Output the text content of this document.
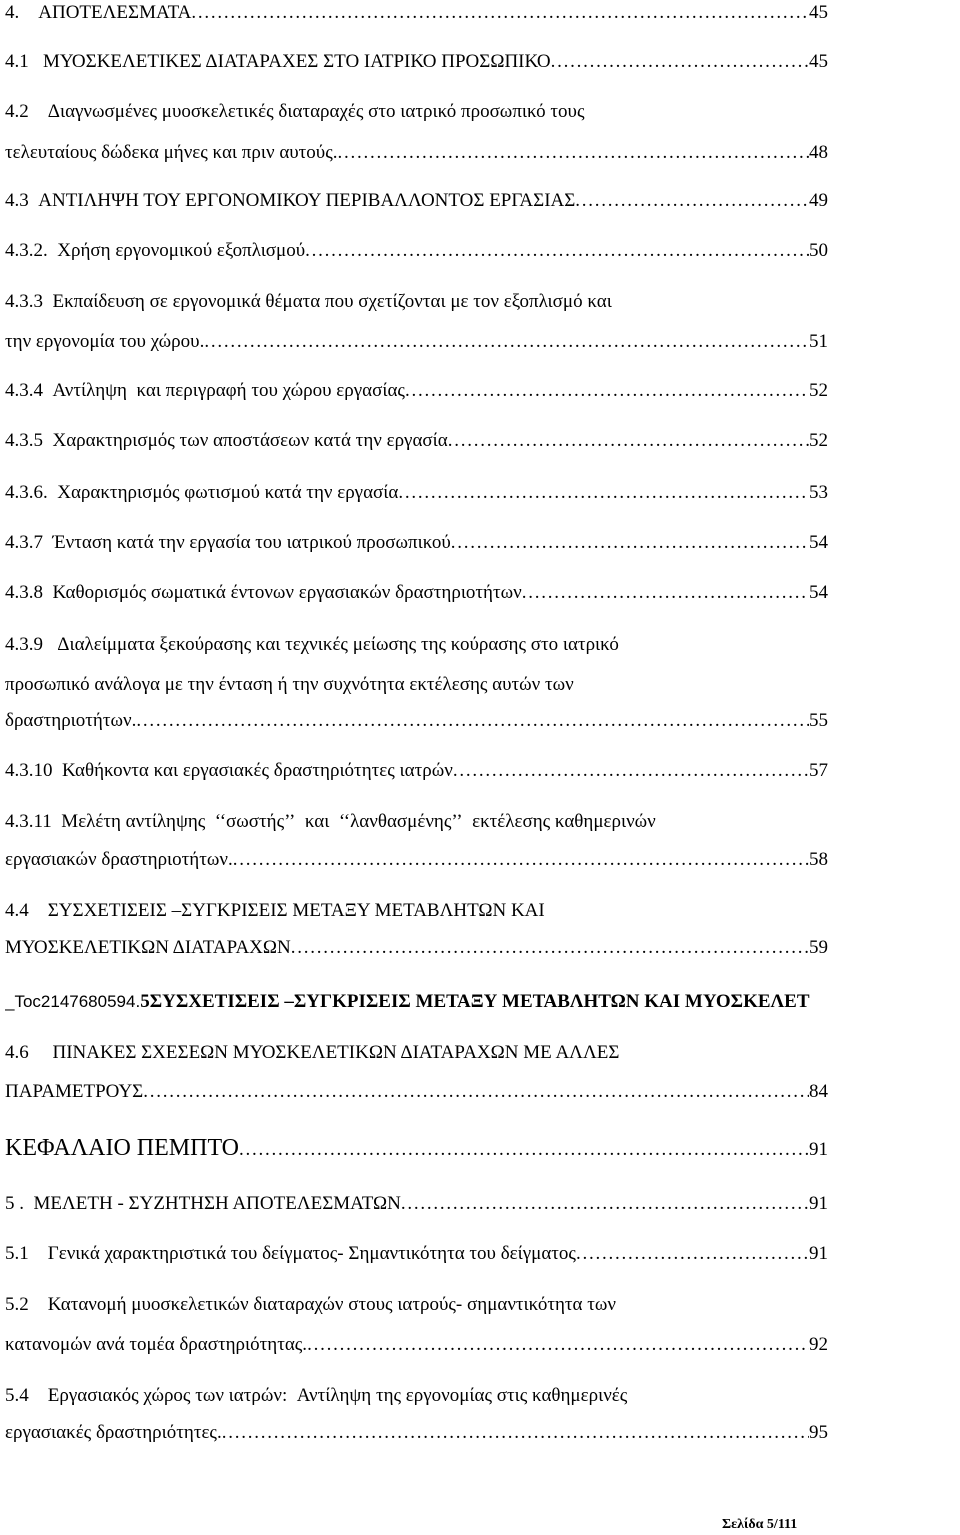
4.    ΑΠΟΤΕΛΕΣΜΑΤΑ . . .	45
4.1   ΜΥΟΣΚΕΛΕΤΙΚΕΣ ΔΙΑΤΑΡΑΧΕΣ ΣΤΟ ΙΑΤΡΙΚΟ ΠΡΟΣΩΠΙΚΟ . . .	45
4.2    Διαγνωσμένες μυοσκελετικές διαταραχές στο ιατρικό προσωπικό τους
τελευταίους δώδεκα μήνες και πριν αυτούς. . . .	48
4.3  ΑΝΤΙΛΗΨΗ ΤΟΥ ΕΡΓΟΝΟΜΙΚΟΥ ΠΕΡΙΒΑΛΛΟΝΤΟΣ ΕΡΓΑΣΙΑΣ . . .	49
4.3.2.  Χρήση εργονομικού εξοπλισμού . . .	50
4.3.3  Εκπαίδευση σε εργονομικά θέματα που σχετίζονται με τον εξοπλισμό και
την εργονομία του χώρου. . . .	51
4.3.4  Αντίληψη  και περιγραφή του χώρου εργασίας . . .	52
4.3.5  Χαρακτηρισμός των αποστάσεων κατά την εργασία . . .	52
4.3.6.  Χαρακτηρισμός φωτισμού κατά την εργασία . . .	53
4.3.7  Ένταση κατά την εργασία του ιατρικού προσωπικού . . .	54
4.3.8  Καθορισμός σωματικά έντονων εργασιακών δραστηριοτήτων . . .	54
4.3.9   Διαλείμματα ξεκούρασης και τεχνικές μείωσης της κούρασης στο ιατρικό
προσωπικό ανάλογα με την ένταση ή την συχνότητα εκτέλεσης αυτών των
δραστηριοτήτων. . . .	55
4.3.10  Καθήκοντα και εργασιακές δραστηριότητες ιατρών . . .	57
4.3.11  Μελέτη αντίληψης  ‘‘σωστής’’  και  ‘‘λανθασμένης’’  εκτέλεσης καθημερινών
εργασιακών δραστηριοτήτων. . . .	58
4.4    ΣΥΣΧΕΤΙΣΕΙΣ –ΣΥΓΚΡΙΣΕΙΣ ΜΕΤΑΞΥ ΜΕΤΑΒΛΗΤΩΝ ΚΑΙ
ΜΥΟΣΚΕΛΕΤΙΚΩΝ ΔΙΑΤΑΡΑΧΩΝ . . .	59
_Toc2147680594.5ΣΥΣΧΕΤΙΣΕΙΣ –ΣΥΓΚΡΙΣΕΙΣ ΜΕΤΑΞΥ ΜΕΤΑΒΛΗΤΩΝ ΚΑΙ ΜΥΟΣΚΕΛΕΤ
4.6     ΠΙΝΑΚΕΣ ΣΧΕΣΕΩΝ ΜΥΟΣΚΕΛΕΤΙΚΩΝ ΔΙΑΤΑΡΑΧΩΝ ΜΕ ΑΛΛΕΣ
ΠΑΡΑΜΕΤΡΟΥΣ . . .	84
ΚΕΦΑΛΑΙΟ ΠΕΜΠΤΟ . . .	91
5 .  ΜΕΛΕΤΗ - ΣΥΖΗΤΗΣΗ ΑΠΟΤΕΛΕΣΜΑΤΩΝ . . .	91
5.1    Γενικά χαρακτηριστικά του δείγματος- Σημαντικότητα του δείγματος . . .	91
5.2    Κατανομή μυοσκελετικών διαταραχών στους ιατρούς- σημαντικότητα των
κατανομών ανά τομέα δραστηριότητας. . . .	92
5.4    Εργασιακός χώρος των ιατρών:  Αντίληψη της εργονομίας στις καθημερινές
εργασιακές δραστηριότητες. . . .	95
Σελίδα 5/111
